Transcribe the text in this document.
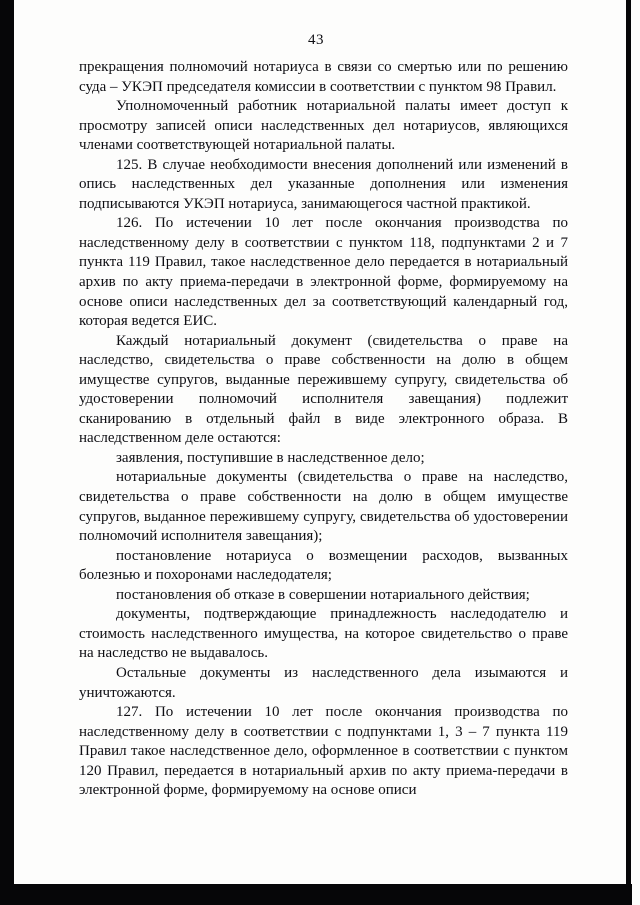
43

прекращения полномочий нотариуса в связи со смертью или по решению суда – УКЭП председателя комиссии в соответствии с пунктом 98 Правил.

Уполномоченный работник нотариальной палаты имеет доступ к просмотру записей описи наследственных дел нотариусов, являющихся членами соответствующей нотариальной палаты.

125. В случае необходимости внесения дополнений или изменений в опись наследственных дел указанные дополнения или изменения подписываются УКЭП нотариуса, занимающегося частной практикой.

126. По истечении 10 лет после окончания производства по наследственному делу в соответствии с пунктом 118, подпунктами 2 и 7 пункта 119 Правил, такое наследственное дело передается в нотариальный архив по акту приема-передачи в электронной форме, формируемому на основе описи наследственных дел за соответствующий календарный год, которая ведется ЕИС.

Каждый нотариальный документ (свидетельства о праве на наследство, свидетельства о праве собственности на долю в общем имуществе супругов, выданные пережившему супругу, свидетельства об удостоверении полномочий исполнителя завещания) подлежит сканированию в отдельный файл в виде электронного образа. В наследственном деле остаются:

заявления, поступившие в наследственное дело;

нотариальные документы (свидетельства о праве на наследство, свидетельства о праве собственности на долю в общем имуществе супругов, выданное пережившему супругу, свидетельства об удостоверении полномочий исполнителя завещания);

постановление нотариуса о возмещении расходов, вызванных болезнью и похоронами наследодателя;

постановления об отказе в совершении нотариального действия;

документы, подтверждающие принадлежность наследодателю и стоимость наследственного имущества, на которое свидетельство о праве на наследство не выдавалось.

Остальные документы из наследственного дела изымаются и уничтожаются.

127. По истечении 10 лет после окончания производства по наследственному делу в соответствии с подпунктами 1, 3 – 7 пункта 119 Правил такое наследственное дело, оформленное в соответствии с пунктом 120 Правил, передается в нотариальный архив по акту приема-передачи в электронной форме, формируемому на основе описи
